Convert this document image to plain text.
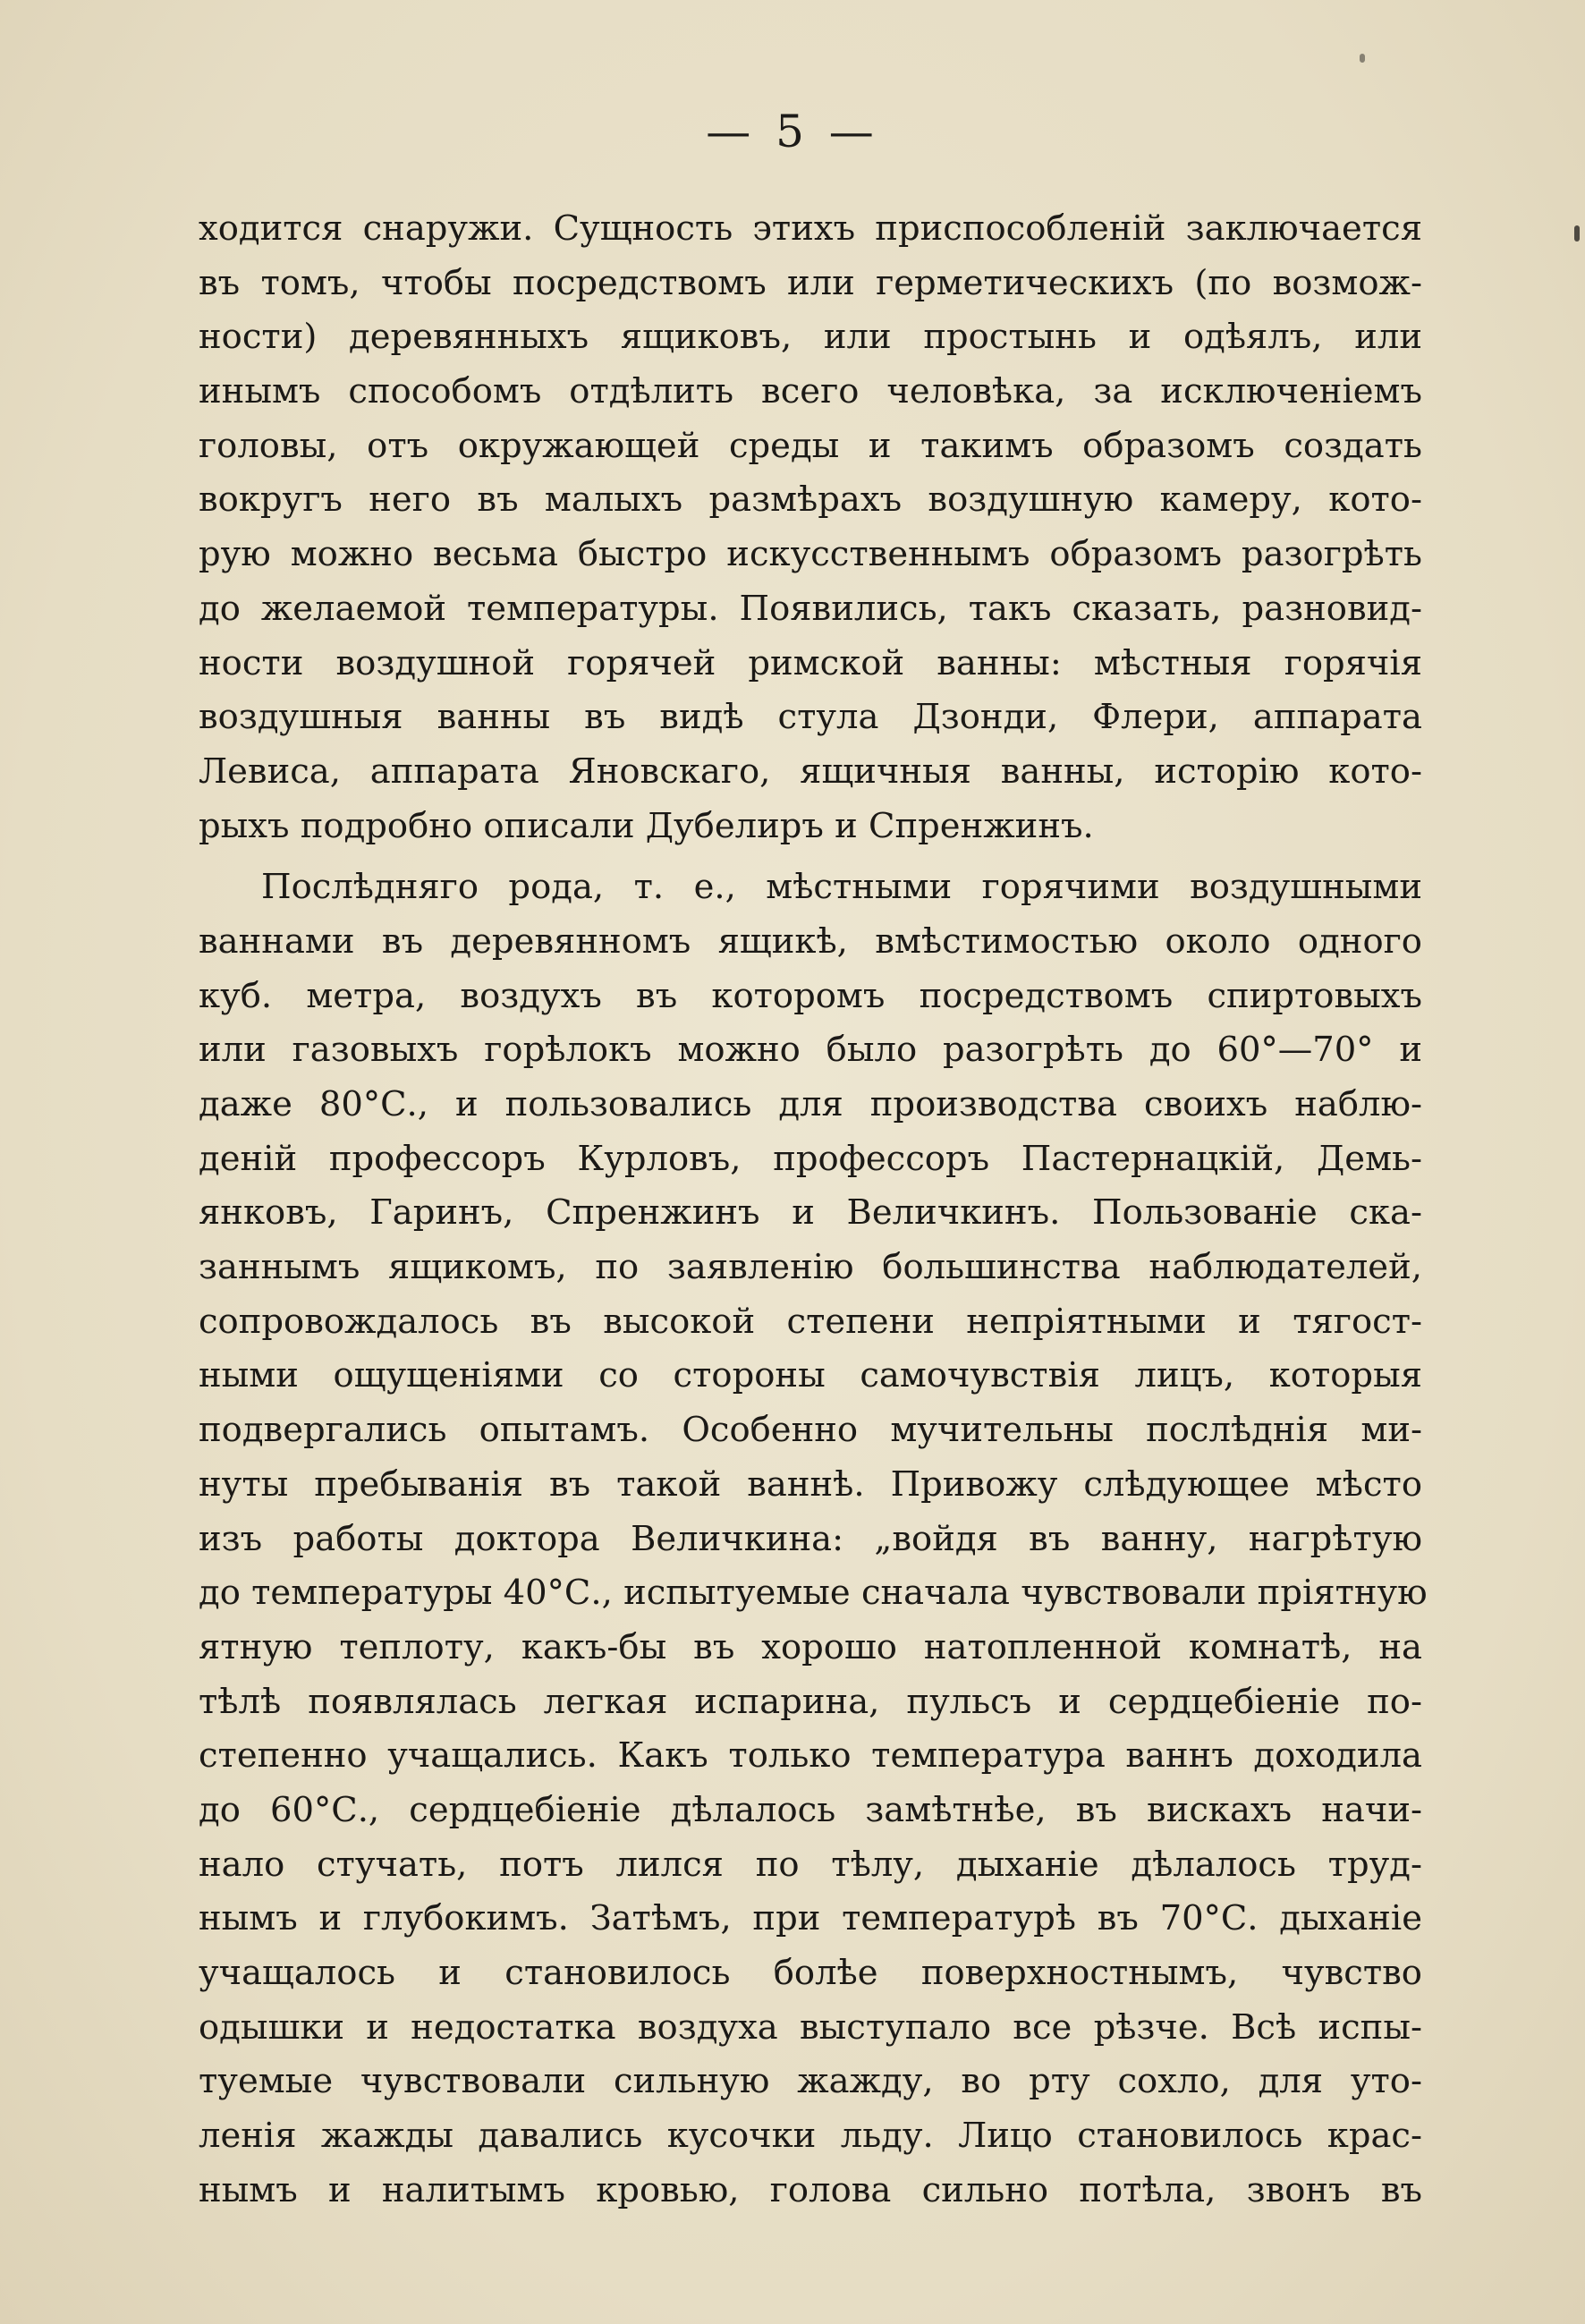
— 5 —
ходится снаружи. Сущность этихъ приспособленій заключается
въ томъ, чтобы посредствомъ или герметическихъ (по возмож-
ности) деревянныхъ ящиковъ, или простынь и одѣялъ, или
инымъ способомъ отдѣлить всего человѣка, за исключеніемъ
головы, отъ окружающей среды и такимъ образомъ создать
вокругъ него въ малыхъ размѣрахъ воздушную камеру, кото-
рую можно весьма быстро искусственнымъ образомъ разогрѣть
до желаемой температуры. Появились, такъ сказать, разновид-
ности воздушной горячей римской ванны: мѣстныя горячія
воздушныя ванны въ видѣ стула Дзонди, Флери, аппарата
Левиса, аппарата Яновскаго, ящичныя ванны, исторію кото-
рыхъ подробно описали Дубелиръ и Спренжинъ.
Послѣдняго рода, т. е., мѣстными горячими воздушными
ваннами въ деревянномъ ящикѣ, вмѣстимостью около одного
куб. метра, воздухъ въ которомъ посредствомъ спиртовыхъ
или газовыхъ горѣлокъ можно было разогрѣть до 60°—70° и
даже 80°С., и пользовались для производства своихъ наблю-
деній профессоръ Курловъ, профессоръ Пастернацкій, Демь-
янковъ, Гаринъ, Спренжинъ и Величкинъ. Пользованіе ска-
заннымъ ящикомъ, по заявленію большинства наблюдателей,
сопровождалось въ высокой степени непріятными и тягост-
ными ощущеніями со стороны самочувствія лицъ, которыя
подвергались опытамъ. Особенно мучительны послѣднія ми-
нуты пребыванія въ такой ваннѣ. Привожу слѣдующее мѣсто
изъ работы доктора Величкина: „войдя въ ванну, нагрѣтую
до температуры 40°С., испытуемые сначала чувствовали пріятную
ятную теплоту, какъ-бы въ хорошо натопленной комнатѣ, на
тѣлѣ появлялась легкая испарина, пульсъ и сердцебіеніе по-
степенно учащались. Какъ только температура ваннъ доходила
до 60°С., сердцебіеніе дѣлалось замѣтнѣе, въ вискахъ начи-
нало стучать, потъ лился по тѣлу, дыханіе дѣлалось труд-
нымъ и глубокимъ. Затѣмъ, при температурѣ въ 70°С. дыханіе
учащалось и становилось болѣе поверхностнымъ, чувство
одышки и недостатка воздуха выступало все рѣзче. Всѣ испы-
туемые чувствовали сильную жажду, во рту сохло, для уто-
ленія жажды давались кусочки льду. Лицо становилось крас-
нымъ и налитымъ кровью, голова сильно потѣла, звонъ въ
